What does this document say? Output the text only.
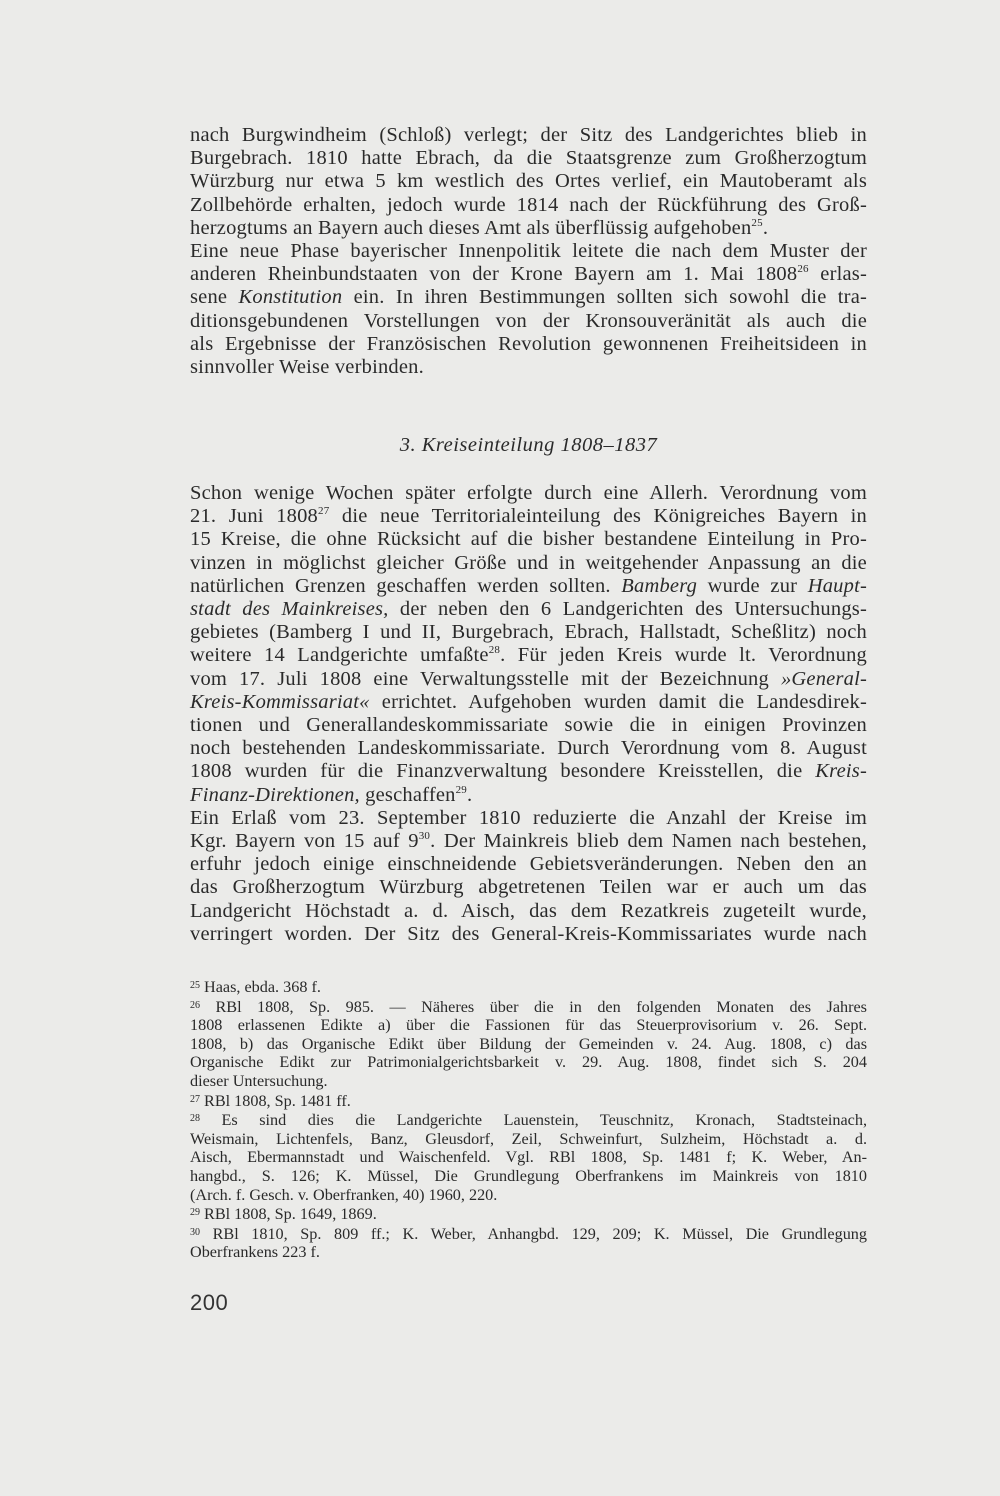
nach Burgwindheim (Schloß) verlegt; der Sitz des Landgerichtes blieb in
Burgebrach. 1810 hatte Ebrach, da die Staatsgrenze zum Großherzogtum
Würzburg nur etwa 5 km westlich des Ortes verlief, ein Mautoberamt als
Zollbehörde erhalten, jedoch wurde 1814 nach der Rückführung des Groß-
herzogtums an Bayern auch dieses Amt als überflüssig aufgehoben$^{25}$.
Eine neue Phase bayerischer Innenpolitik leitete die nach dem Muster der
anderen Rheinbundstaaten von der Krone Bayern am 1. Mai 1808$^{26}$ erlas-
sene Konstitution ein. In ihren Bestimmungen sollten sich sowohl die tra-
ditionsgebundenen Vorstellungen von der Kronsouveränität als auch die
als Ergebnisse der Französischen Revolution gewonnenen Freiheitsideen in
sinnvoller Weise verbinden.
3. Kreiseinteilung 1808–1837
Schon wenige Wochen später erfolgte durch eine Allerh. Verordnung vom
21. Juni 1808$^{27}$ die neue Territorialeinteilung des Königreiches Bayern in
15 Kreise, die ohne Rücksicht auf die bisher bestandene Einteilung in Pro-
vinzen in möglichst gleicher Größe und in weitgehender Anpassung an die
natürlichen Grenzen geschaffen werden sollten. Bamberg wurde zur Haupt-
stadt des Mainkreises, der neben den 6 Landgerichten des Untersuchungs-
gebietes (Bamberg I und II, Burgebrach, Ebrach, Hallstadt, Scheßlitz) noch
weitere 14 Landgerichte umfaßte$^{28}$. Für jeden Kreis wurde lt. Verordnung
vom 17. Juli 1808 eine Verwaltungsstelle mit der Bezeichnung »General-
Kreis-Kommissariat« errichtet. Aufgehoben wurden damit die Landesdirek-
tionen und Generallandeskommissariate sowie die in einigen Provinzen
noch bestehenden Landeskommissariate. Durch Verordnung vom 8. August
1808 wurden für die Finanzverwaltung besondere Kreisstellen, die Kreis-
Finanz-Direktionen, geschaffen$^{29}$.
Ein Erlaß vom 23. September 1810 reduzierte die Anzahl der Kreise im
Kgr. Bayern von 15 auf $9^{30}$. Der Mainkreis blieb dem Namen nach bestehen,
erfuhr jedoch einige einschneidende Gebietsveränderungen. Neben den an
das Großherzogtum Würzburg abgetretenen Teilen war er auch um das
Landgericht Höchstadt a. d. Aisch, das dem Rezatkreis zugeteilt wurde,
verringert worden. Der Sitz des General-Kreis-Kommissariates wurde nach
$^{25}$ Haas, ebda. 368 f.
$^{26}$ RBl 1808, Sp. 985. — Näheres über die in den folgenden Monaten des Jahres
1808 erlassenen Edikte a) über die Fassionen für das Steuerprovisorium v. 26. Sept.
1808, b) das Organische Edikt über Bildung der Gemeinden v. 24. Aug. 1808, c) das
Organische Edikt zur Patrimonialgerichtsbarkeit v. 29. Aug. 1808, findet sich S. 204
dieser Untersuchung.
$^{27}$ RBl 1808, Sp. 1481 ff.
$^{28}$ Es sind dies die Landgerichte Lauenstein, Teuschnitz, Kronach, Stadtsteinach,
Weismain, Lichtenfels, Banz, Gleusdorf, Zeil, Schweinfurt, Sulzheim, Höchstadt a. d.
Aisch, Ebermannstadt und Waischenfeld. Vgl. RBl 1808, Sp. 1481 f; K. Weber, An-
hangbd., S. 126; K. Müssel, Die Grundlegung Oberfrankens im Mainkreis von 1810
(Arch. f. Gesch. v. Oberfranken, 40) 1960, 220.
$^{29}$ RBl 1808, Sp. 1649, 1869.
$^{30}$ RBl 1810, Sp. 809 ff.; K. Weber, Anhangbd. 129, 209; K. Müssel, Die Grundlegung
Oberfrankens 223 f.
200
